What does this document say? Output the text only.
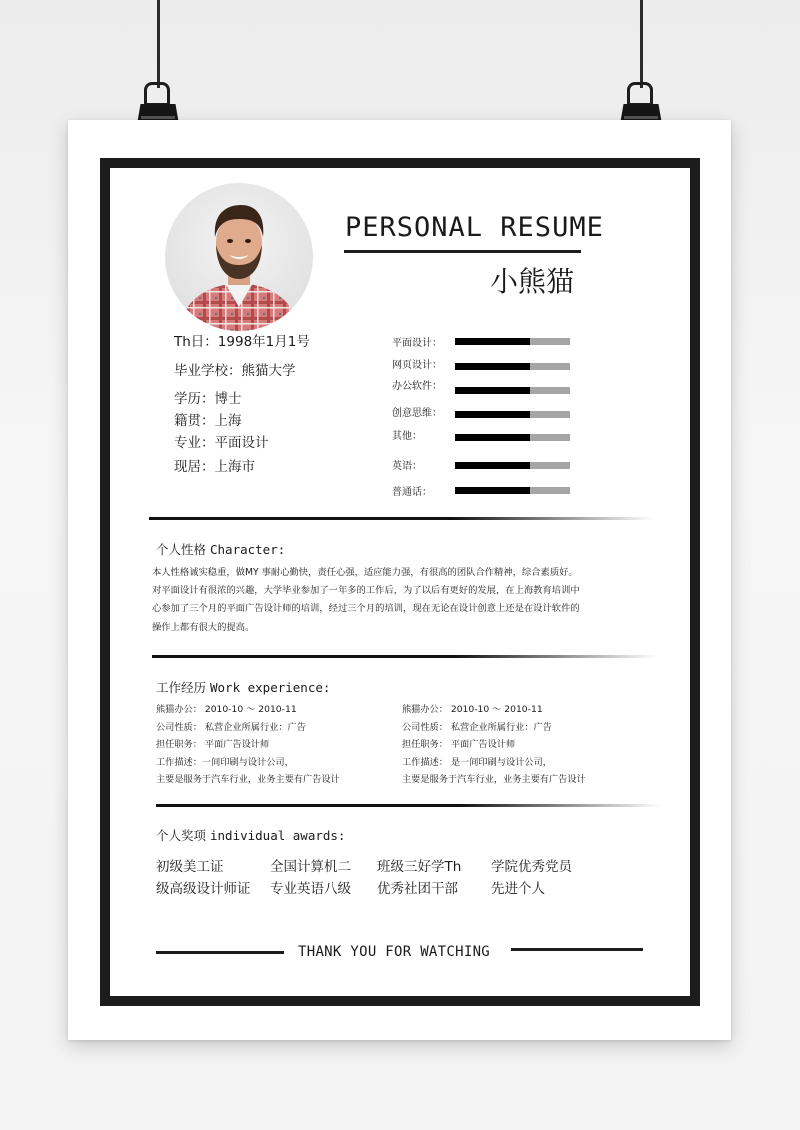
PERSONAL RESUME
小熊猫
Th日：1998年1月1号
毕业学校：熊猫大学
学历：博士
籍贯：上海
专业：平面设计
现居：上海市
平面设计：
网页设计：
办公软件：
创意思维：
其他：
英语：
普通话：
个人性格 Character:
本人性格诚实稳重，做MY 事耐心勤快，责任心强，适应能力强，有很高的团队合作精神，综合素质好。
对平面设计有很浓的兴趣，大学毕业参加了一年多的工作后，为了以后有更好的发展，在上海教育培训中
心参加了三个月的平面广告设计师的培训，经过三个月的培训，现在无论在设计创意上还是在设计软件的
操作上都有很大的提高。
工作经历 Work experience:
熊猫办公： 2010-10 ～ 2010-11
公司性质： 私营企业所属行业：广告
担任职务： 平面广告设计师
工作描述：一间印刷与设计公司，
主要是服务于汽车行业，业务主要有广告设计
熊猫办公： 2010-10 ～ 2010-11
公司性质： 私营企业所属行业：广告
担任职务： 平面广告设计师
工作描述： 是一间印刷与设计公司，
主要是服务于汽车行业，业务主要有广告设计
个人奖项 individual awards:
初级美工证	全国计算机二 班级三好学Th 学院优秀党员
级高级设计师证 专业英语八级 优秀社团干部 先进个人
THANK YOU FOR WATCHING
